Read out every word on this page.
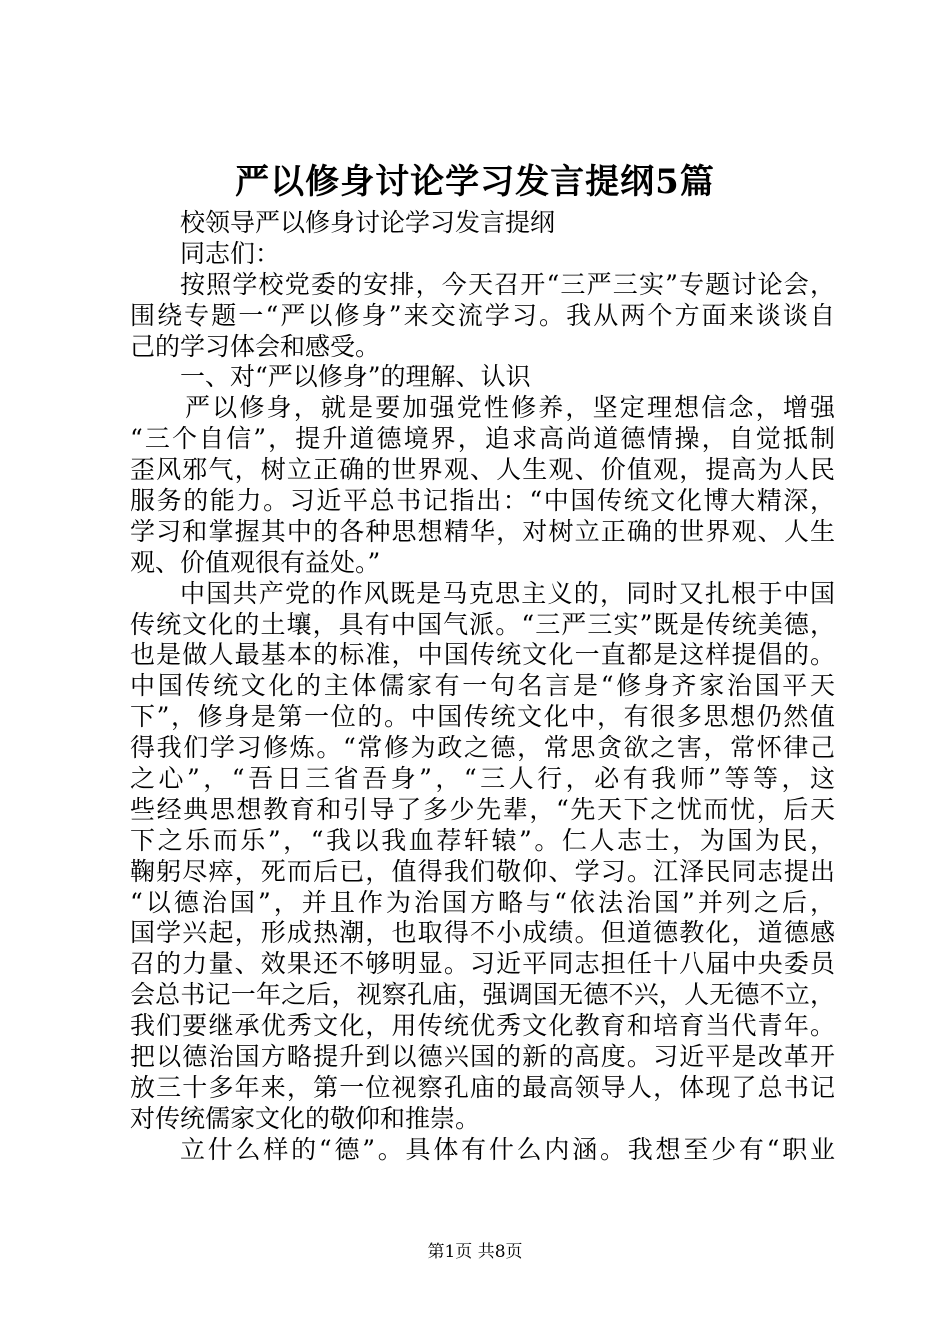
严以修身讨论学习发言提纲5篇

校领导严以修身讨论学习发言提纲

同志们：

按照学校党委的安排，今天召开“三严三实”专题讨论会，

围绕专题一“严以修身”来交流学习。我从两个方面来谈谈自

己的学习体会和感受。

一、对“严以修身”的理解、认识

严以修身，就是要加强党性修养，坚定理想信念，增强

“三个自信”，提升道德境界，追求高尚道德情操，自觉抵制

歪风邪气，树立正确的世界观、人生观、价值观，提高为人民

服务的能力。习近平总书记指出：“中国传统文化博大精深，

学习和掌握其中的各种思想精华，对树立正确的世界观、人生

观、价值观很有益处。”

中国共产党的作风既是马克思主义的，同时又扎根于中国

传统文化的土壤，具有中国气派。“三严三实”既是传统美德，

也是做人最基本的标准，中国传统文化一直都是这样提倡的。

中国传统文化的主体儒家有一句名言是“修身齐家治国平天

下”，修身是第一位的。中国传统文化中，有很多思想仍然值

得我们学习修炼。“常修为政之德，常思贪欲之害，常怀律己

之心”，“吾日三省吾身”，“三人行，必有我师”等等，这

些经典思想教育和引导了多少先辈，“先天下之忧而忧，后天

下之乐而乐”，“我以我血荐轩辕”。仁人志士，为国为民，

鞠躬尽瘁，死而后已，值得我们敬仰、学习。江泽民同志提出

“以德治国”，并且作为治国方略与“依法治国”并列之后，

国学兴起，形成热潮，也取得不小成绩。但道德教化，道德感

召的力量、效果还不够明显。习近平同志担任十八届中央委员

会总书记一年之后，视察孔庙，强调国无德不兴，人无德不立，

我们要继承优秀文化，用传统优秀文化教育和培育当代青年。

把以德治国方略提升到以德兴国的新的高度。习近平是改革开

放三十多年来，第一位视察孔庙的最高领导人，体现了总书记

对传统儒家文化的敬仰和推崇。

立什么样的“德”。具体有什么内涵。我想至少有“职业

第1页 共8页
